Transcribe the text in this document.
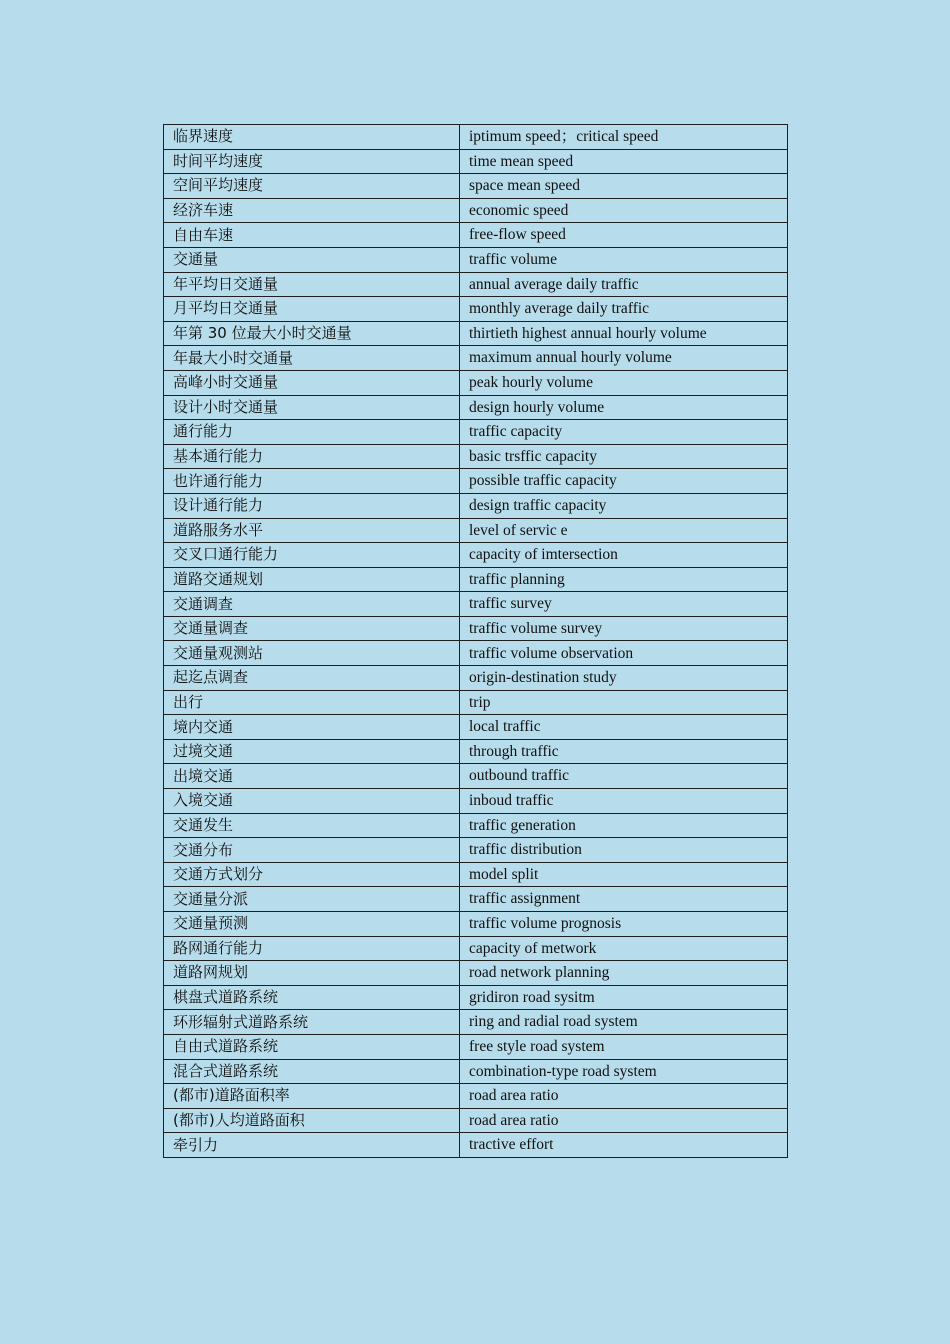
临界速度	iptimum speed；critical speed
时间平均速度	time mean speed
空间平均速度	space mean speed
经济车速	economic speed
自由车速	free-flow speed
交通量	traffic volume
年平均日交通量	annual average daily traffic
月平均日交通量	monthly average daily traffic
年第 30 位最大小时交通量	thirtieth highest annual hourly volume
年最大小时交通量	maximum annual hourly volume
高峰小时交通量	peak hourly volume
设计小时交通量	design hourly volume
通行能力	traffic capacity
基本通行能力	basic trsffic capacity
也许通行能力	possible traffic capacity
设计通行能力	design traffic capacity
道路服务水平	level of servic e
交叉口通行能力	capacity of imtersection
道路交通规划	traffic planning
交通调查	traffic survey
交通量调查	traffic volume survey
交通量观测站	traffic volume observation
起迄点调查	origin-destination study
出行	trip
境内交通	local traffic
过境交通	through traffic
出境交通	outbound traffic
入境交通	inboud traffic
交通发生	traffic generation
交通分布	traffic distribution
交通方式划分	model split
交通量分派	traffic assignment
交通量预测	traffic volume prognosis
路网通行能力	capacity of metwork
道路网规划	road network planning
棋盘式道路系统	gridiron road sysitm
环形辐射式道路系统	ring and radial road system
自由式道路系统	free style road system
混合式道路系统	combination-type road system
(都市)道路面积率	road area ratio
(都市)人均道路面积	road area ratio
牵引力	tractive effort
